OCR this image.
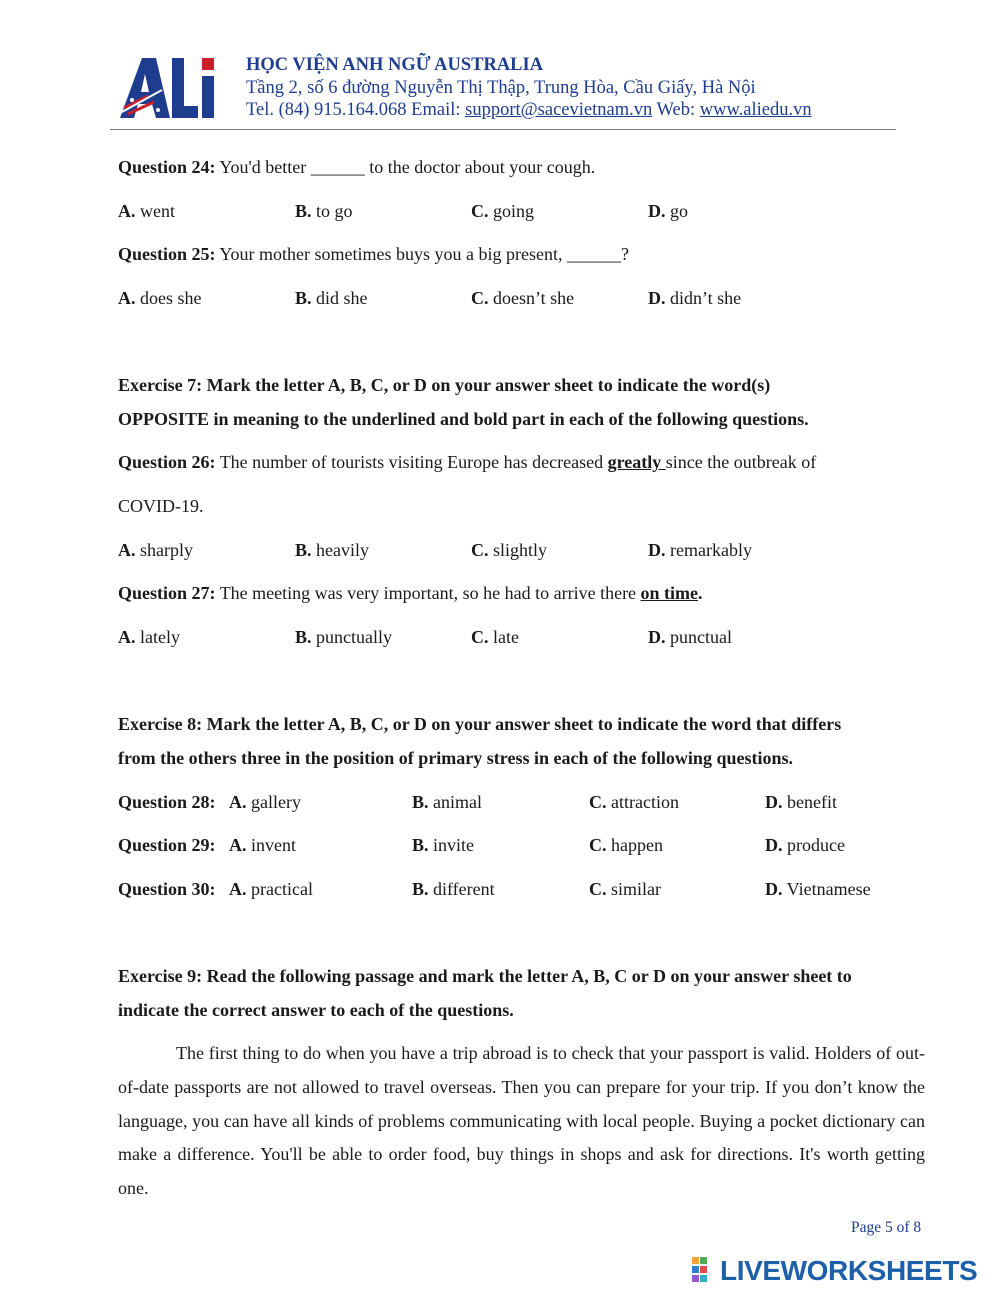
HỌC VIỆN ANH NGỮ AUSTRALIA
Tầng 2, số 6 đường Nguyễn Thị Thập, Trung Hòa, Cầu Giấy, Hà Nội
Tel. (84) 915.164.068 Email: support@sacevietnam.vn Web: www.aliedu.vn
Question 24: You'd better ______ to the doctor about your cough.
A. went	B. to go	C. going	D. go
Question 25: Your mother sometimes buys you a big present, ______?
A. does she	B. did she	C. doesn’t she	D. didn’t she
Exercise 7: Mark the letter A, B, C, or D on your answer sheet to indicate the word(s)
OPPOSITE in meaning to the underlined and bold part in each of the following questions.
Question 26: The number of tourists visiting Europe has decreased greatly since the outbreak of
COVID-19.
A. sharply	B. heavily	C. slightly	D. remarkably
Question 27: The meeting was very important, so he had to arrive there on time.
A. lately	B. punctually	C. late	D. punctual
Exercise 8: Mark the letter A, B, C, or D on your answer sheet to indicate the word that differs
from the others three in the position of primary stress in each of the following questions.
Question 28: A. gallery	B. animal	C. attraction	D. benefit
Question 29: A. invent	B. invite	C. happen	D. produce
Question 30: A. practical	B. different	C. similar	D. Vietnamese
Exercise 9: Read the following passage and mark the letter A, B, C or D on your answer sheet to
indicate the correct answer to each of the questions.
The first thing to do when you have a trip abroad is to check that your passport is valid. Holders of out-of-date passports are not allowed to travel overseas. Then you can prepare for your trip. If you don’t know the language, you can have all kinds of problems communicating with local people. Buying a pocket dictionary can make a difference. You'll be able to order food, buy things in shops and ask for directions. It's worth getting one.
Page 5 of 8
LIVEWORKSHEETS
